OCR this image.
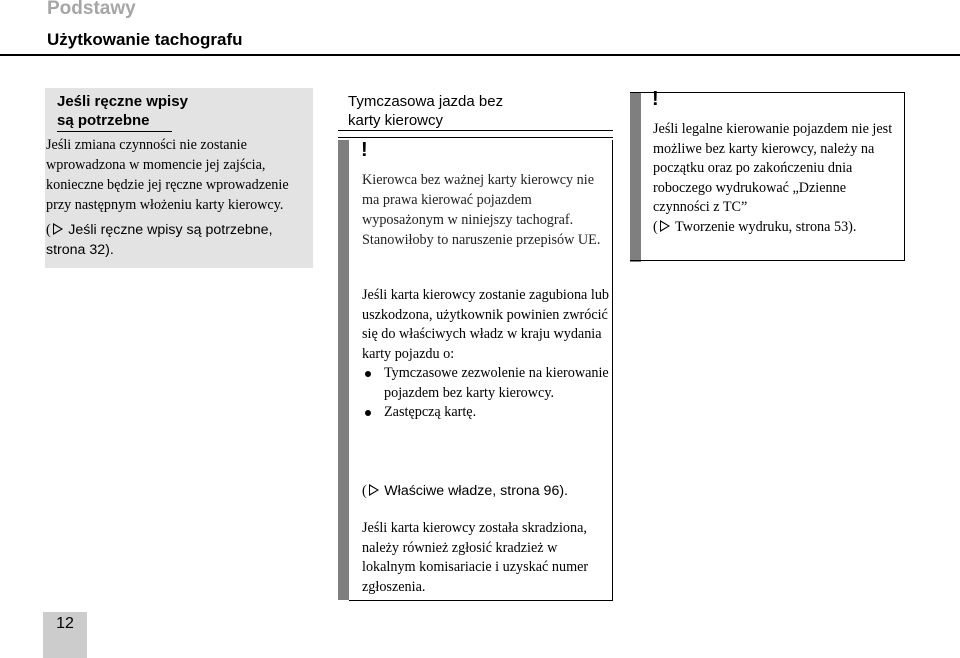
Podstawy
Użytkowanie tachografu
Jeśli ręczne wpisy
są potrzebne
Jeśli zmiana czynności nie zostanie wprowadzona w momencie jej zajścia, konieczne będzie jej ręczne wprowadzenie przy następnym włożeniu karty kierowcy.
( Jeśli ręczne wpisy są potrzebne, strona 32).
Tymczasowa jazda bez
karty kierowcy
!
Kierowca bez ważnej karty kierowcy nie ma prawa kierować pojazdem wyposażonym w niniejszy tachograf. Stanowiłoby to naruszenie przepisów UE.
Jeśli karta kierowcy zostanie zagubiona lub uszkodzona, użytkownik powinien zwrócić się do właściwych władz w kraju wydania karty pojazdu o:
Tymczasowe zezwolenie na kierowanie pojazdem bez karty kierowcy.
Zastępczą kartę.
( Właściwe władze, strona 96).
Jeśli karta kierowcy została skradziona, należy również zgłosić kradzież w lokalnym komisariacie i uzyskać numer zgłoszenia.
!
Jeśli legalne kierowanie pojazdem nie jest możliwe bez karty kierowcy, należy na początku oraz po zakończeniu dnia roboczego wydrukować „Dzienne czynności z TC”
( Tworzenie wydruku, strona 53).
12
